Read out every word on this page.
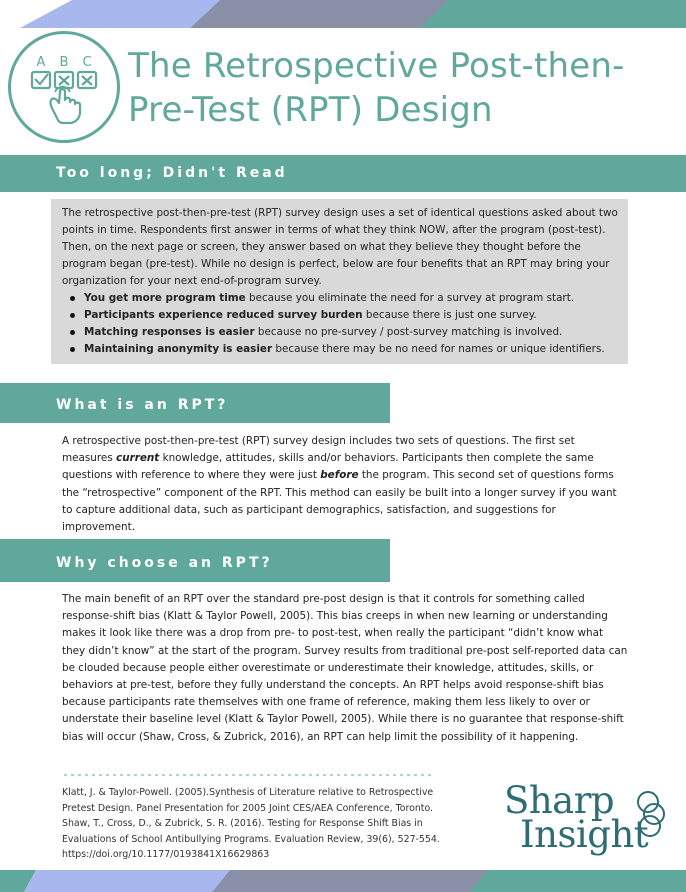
A B C The Retrospective Post-then-
Pre-Test (RPT) Design
Too long; Didn't Read

The retrospective post-then-pre-test (RPT) survey design uses a set of identical questions asked about two points in time. Respondents first answer in terms of what they think NOW, after the program (post-test). Then, on the next page or screen, they answer based on what they believe they thought before the program began (pre-test). While no design is perfect, below are four benefits that an RPT may bring your organization for your next end-of-program survey.

You get more program time because you eliminate the need for a survey at program start.
Participants experience reduced survey burden because there is just one survey.
Matching responses is easier because no pre-survey / post-survey matching is involved.
Maintaining anonymity is easier because there may be no need for names or unique identifiers.
What is an RPT?

A retrospective post-then-pre-test (RPT) survey design includes two sets of questions. The first set measures current knowledge, attitudes, skills and/or behaviors. Participants then complete the same questions with reference to where they were just before the program. This second set of questions forms the “retrospective” component of the RPT. This method can easily be built into a longer survey if you want to capture additional data, such as participant demographics, satisfaction, and suggestions for improvement.

Why choose an RPT?

The main benefit of an RPT over the standard pre-post design is that it controls for something called response-shift bias (Klatt & Taylor Powell, 2005). This bias creeps in when new learning or understanding makes it look like there was a drop from pre- to post-test, when really the participant “didn’t know what they didn’t know” at the start of the program. Survey results from traditional pre-post self-reported data can be clouded because people either overestimate or underestimate their knowledge, attitudes, skills, or behaviors at pre-test, before they fully understand the concepts. An RPT helps avoid response-shift bias because participants rate themselves with one frame of reference, making them less likely to over or understate their baseline level (Klatt & Taylor Powell, 2005). While there is no guarantee that response-shift bias will occur (Shaw, Cross, & Zubrick, 2016), an RPT can help limit the possibility of it happening.

Klatt, J. & Taylor-Powell. (2005).Synthesis of Literature relative to Retrospective Pretest Design. Panel Presentation for 2005 Joint CES/AEA Conference, Toronto.

Shaw, T., Cross, D., & Zubrick, S. R. (2016). Testing for Response Shift Bias in Evaluations of School Antibullying Programs. Evaluation Review, 39(6), 527-554. https://doi.org/10.1177/0193841X16629863

Sharp
Insight
